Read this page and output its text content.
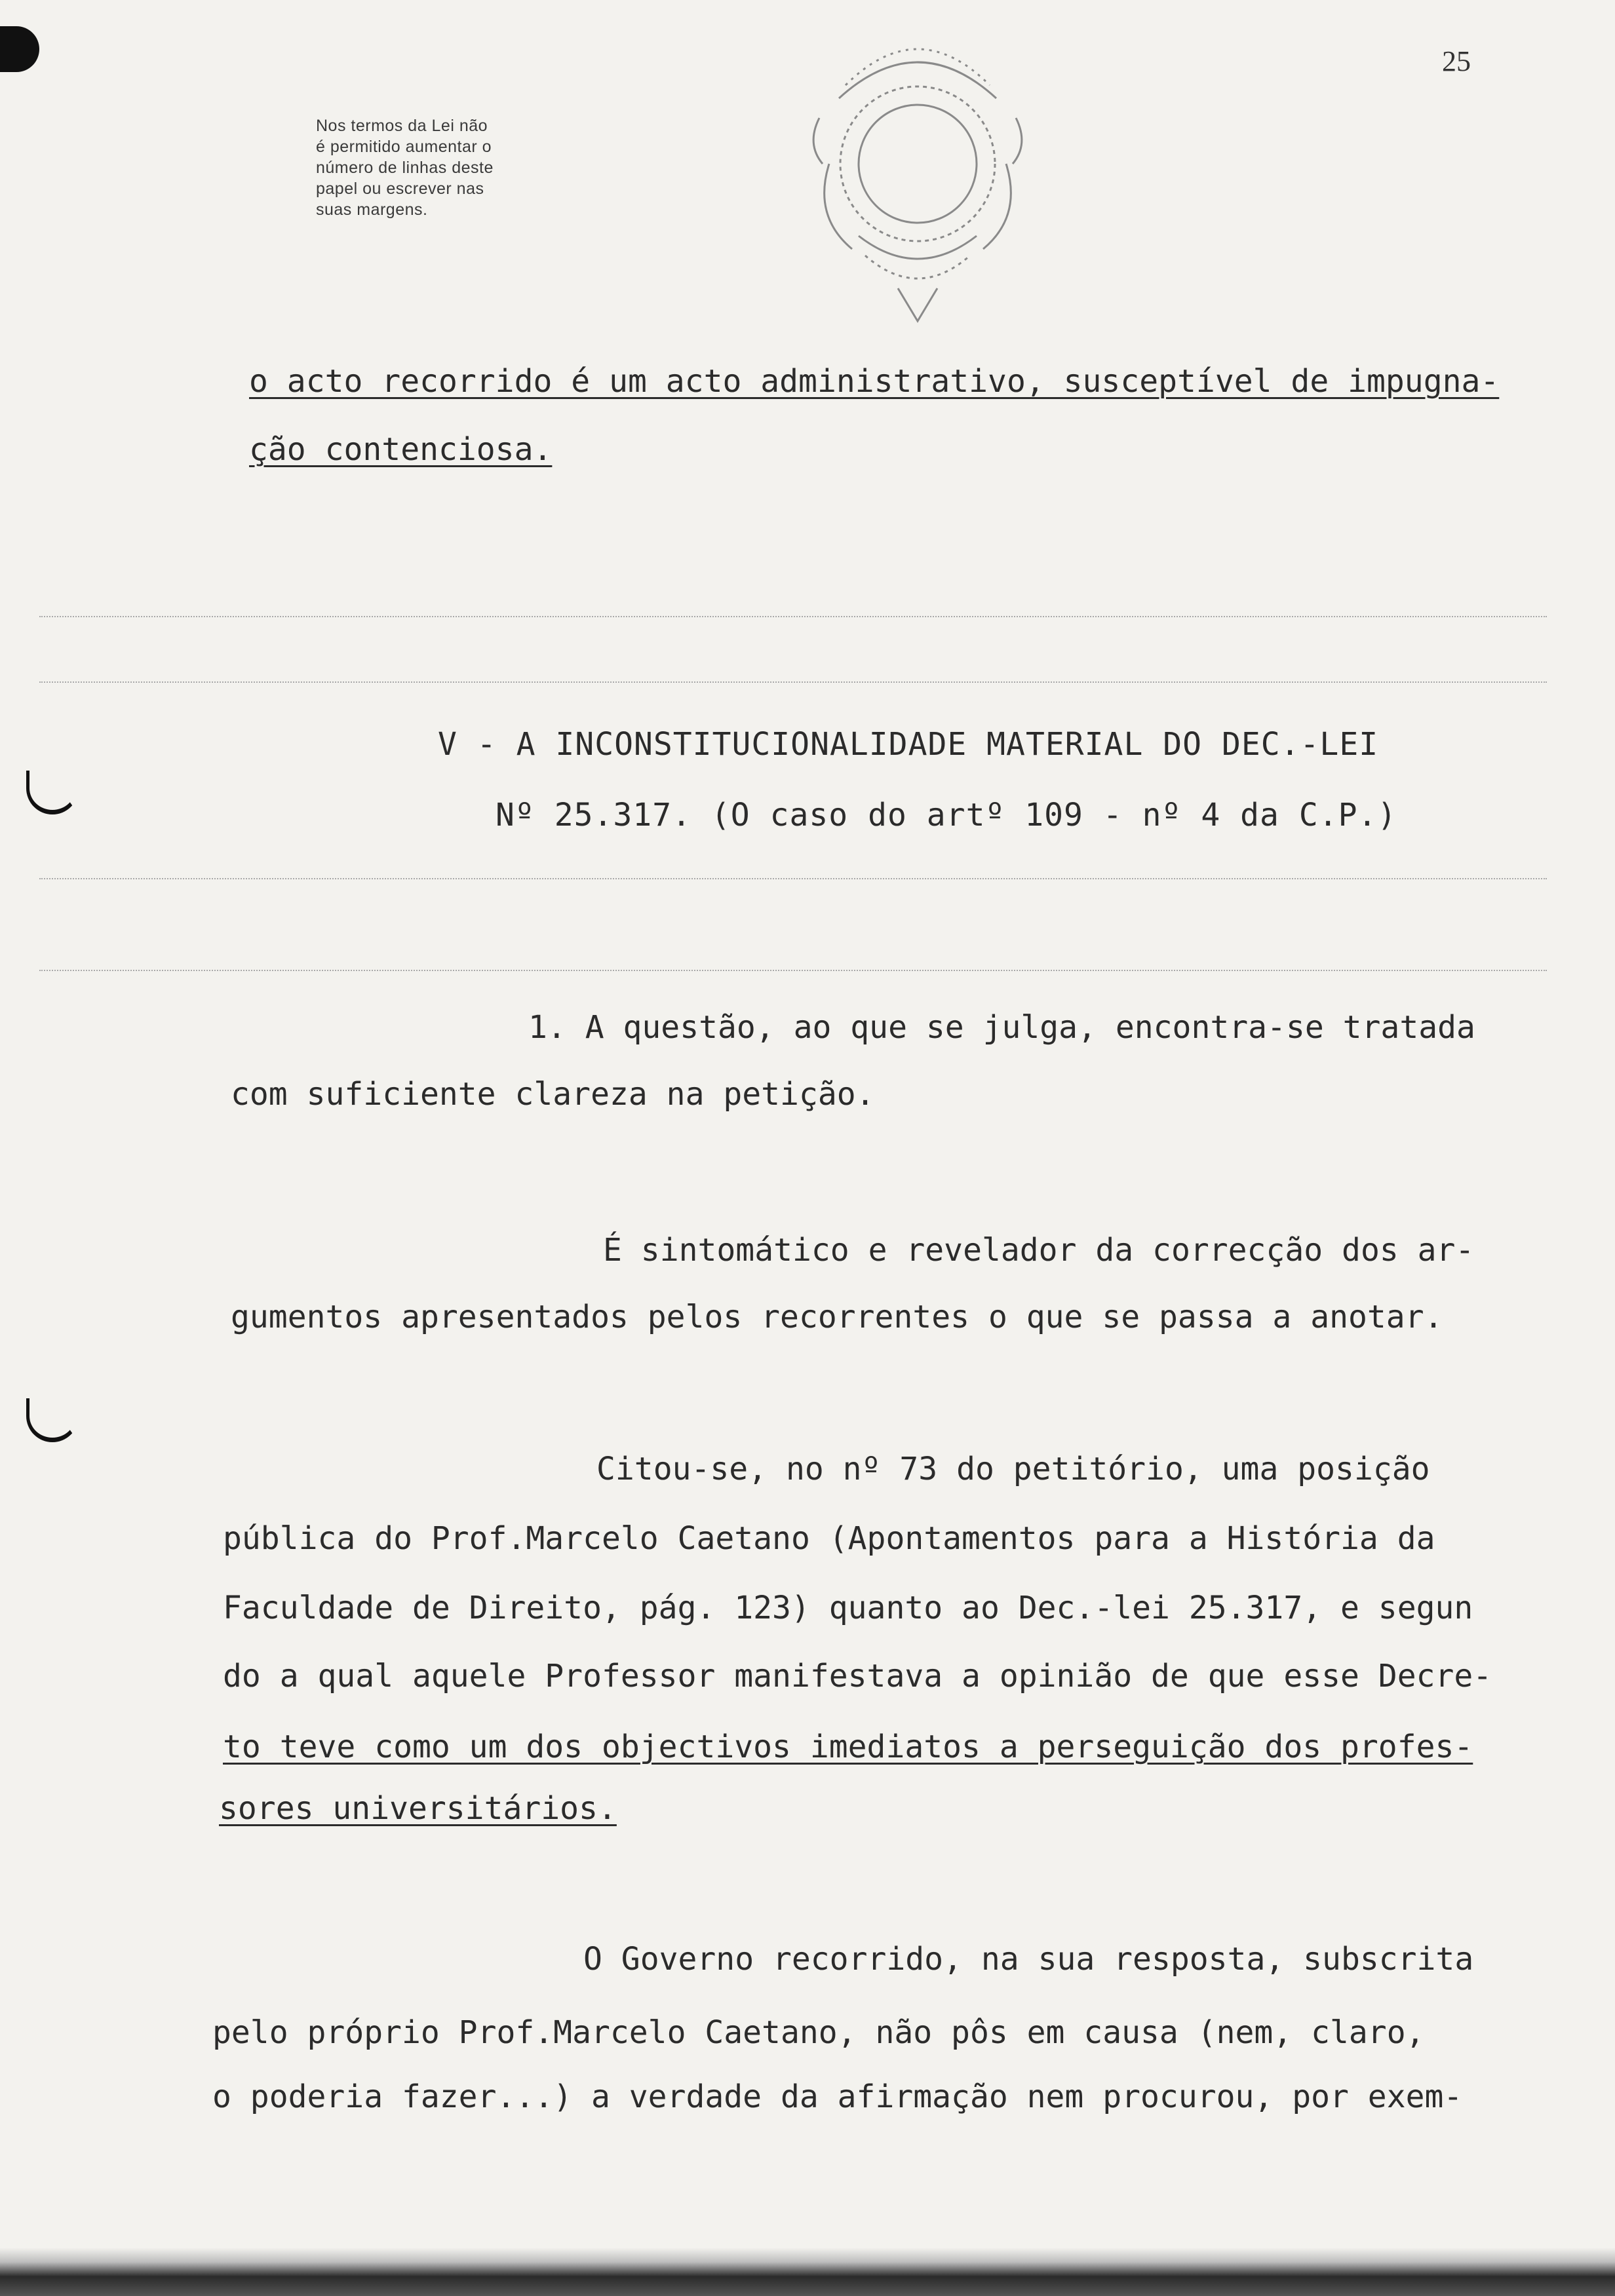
Nos termos da Lei não
é permitido aumentar o
número de linhas deste
papel ou escrever nas
suas margens.
25
o acto recorrido é um acto administrativo, susceptível de impugna-
ção contenciosa.
V - A INCONSTITUCIONALIDADE MATERIAL DO DEC.-LEI
Nº 25.317. (O caso do artº 109 - nº 4 da C.P.)
1. A questão, ao que se julga, encontra-se tratada
com suficiente clareza na petição.
É sintomático e revelador da correcção dos ar-
gumentos apresentados pelos recorrentes o que se passa a anotar.
Citou-se, no nº 73 do petitório, uma posição
pública do Prof.Marcelo Caetano (Apontamentos para a História da
Faculdade de Direito, pág. 123) quanto ao Dec.-lei 25.317, e segun
do a qual aquele Professor manifestava a opinião de que esse Decre-
to teve como um dos objectivos imediatos a perseguição dos profes-
sores universitários.
O Governo recorrido, na sua resposta, subscrita
pelo próprio Prof.Marcelo Caetano, não pôs em causa (nem, claro,
o poderia fazer...) a verdade da afirmação nem procurou, por exem-
